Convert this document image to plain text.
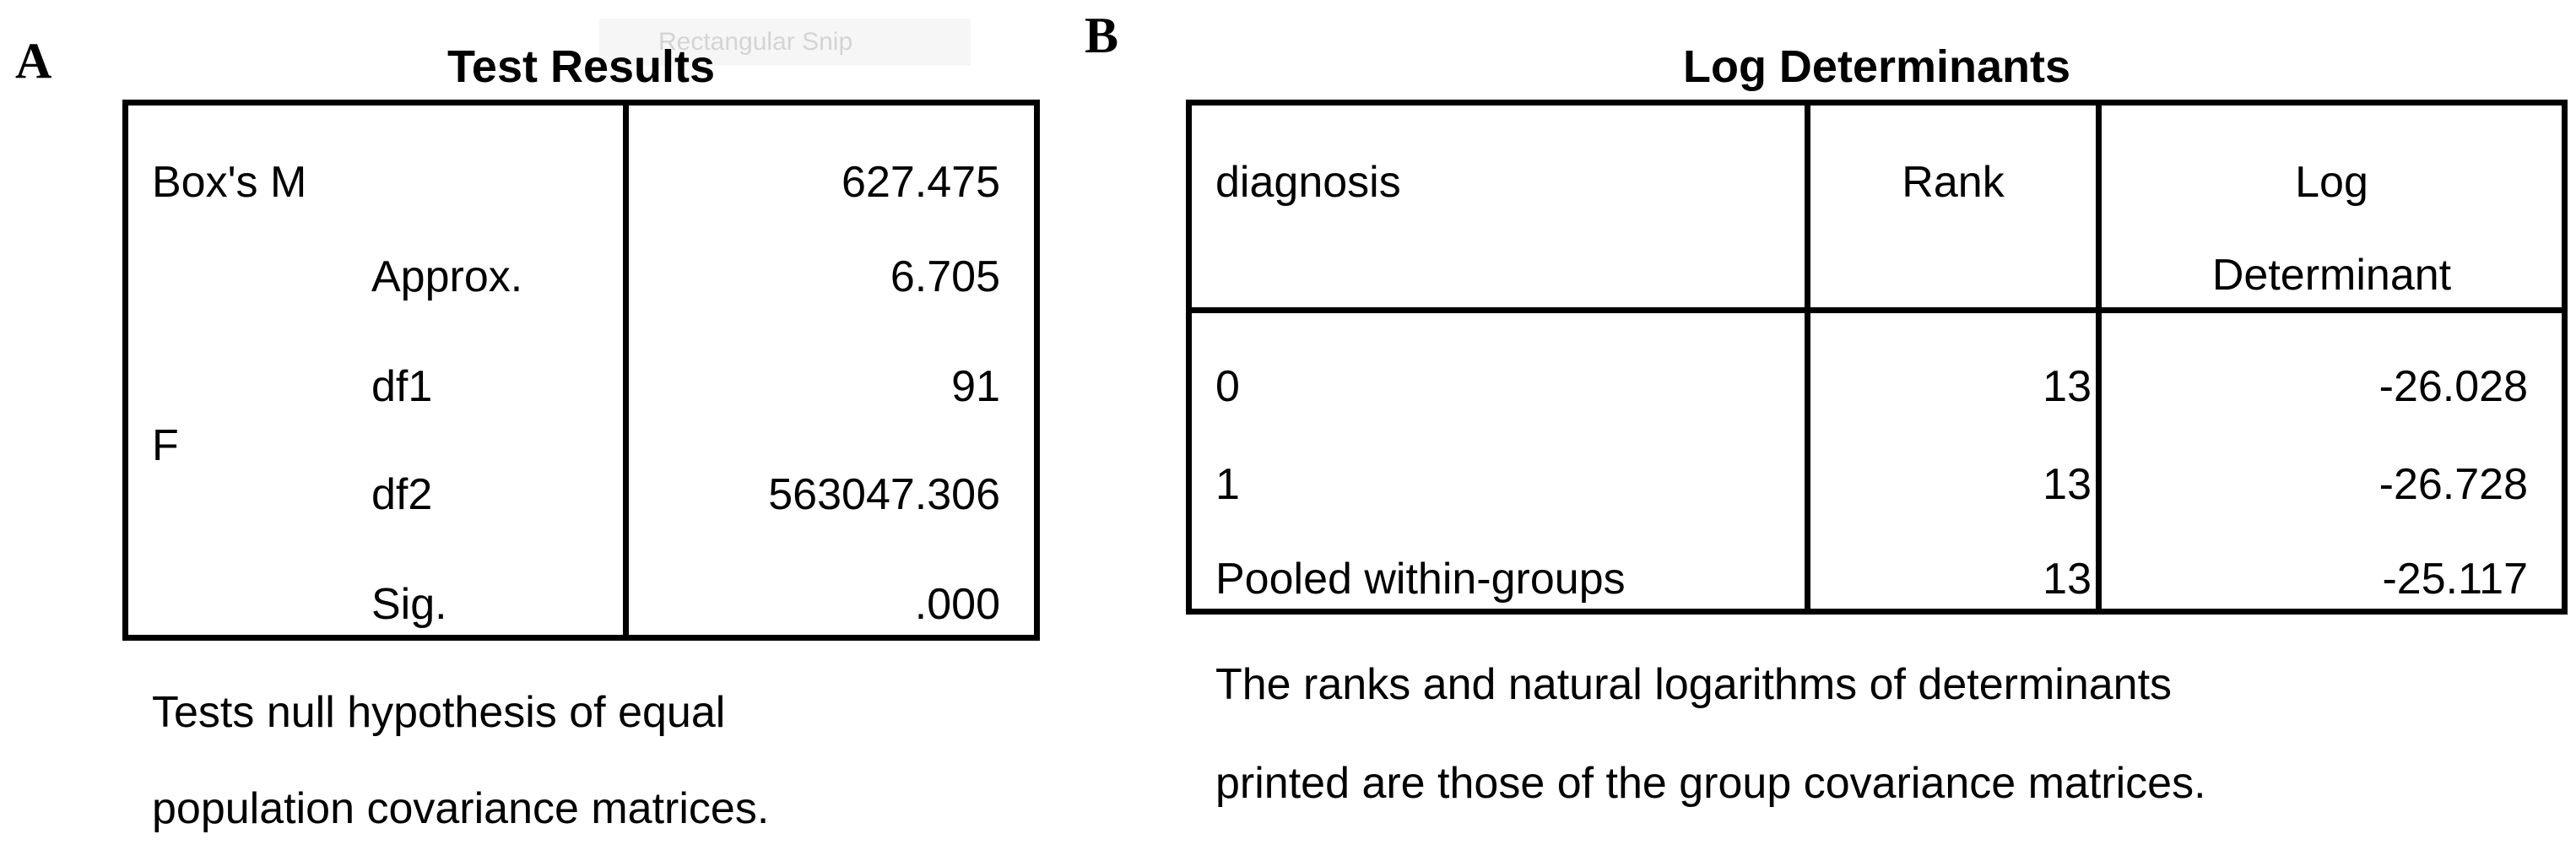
Rectangular Snip
A	Test Results
Box's M	627.475
Approx.	6.705
F
df1	91
df2	563047.306
Sig.	.000
Tests null hypothesis of equal
population covariance matrices.
B
Log Determinants
diagnosis	Rank	Log
Determinant
0	13	-26.028
1	13	-26.728
Pooled within-groups	13	-25.117
The ranks and natural logarithms of determinants
printed are those of the group covariance matrices.
